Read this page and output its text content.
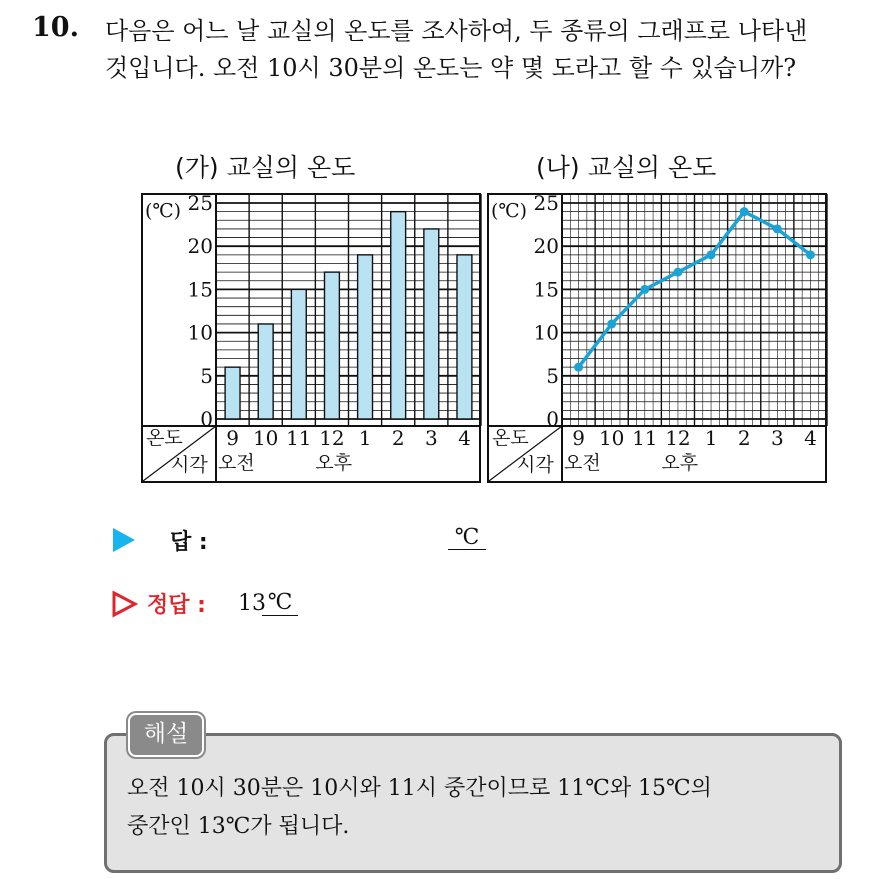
10. 다음은 어느 날 교실의 온도를 조사하여, 두 종류의 그래프로 나타낸
것입니다. 오전 10시 30분의 온도는 약 몇 도라고 할 수 있습니까?
(가) 교실의 온도	(나) 교실의 온도
(℃) 25
20
15
10
5
0
온도
시각
9 10 11 12 1 2 3 4
오전	오후
(℃) 25
20
15
10
5
0
온도
시각
9 10 11 12 1 2 3 4
오전	오후
답 :	℃
정답 : 13 ℃
해설
오전 10시 30분은 10시와 11시 중간이므로 11℃와 15℃의
중간인 13℃가 됩니다.
